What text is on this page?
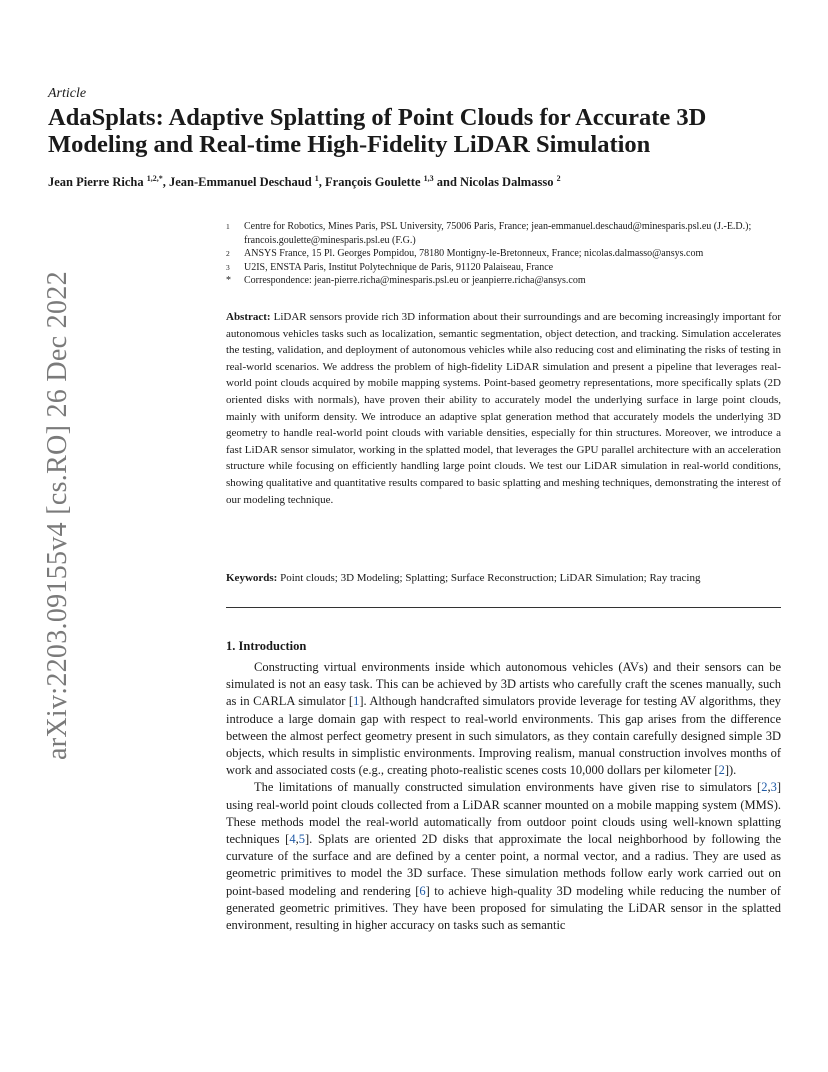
arXiv:2203.09155v4 [cs.RO] 26 Dec 2022
Article
AdaSplats: Adaptive Splatting of Point Clouds for Accurate 3D Modeling and Real-time High-Fidelity LiDAR Simulation
Jean Pierre Richa $^{1,2,*}$, Jean-Emmanuel Deschaud $^1$, François Goulette $^{1,3}$ and Nicolas Dalmasso $^2$
1	Centre for Robotics, Mines Paris, PSL University, 75006 Paris, France; jean-emmanuel.deschaud@minesparis.psl.eu (J.-E.D.); francois.goulette@minesparis.psl.eu (F.G.)
2	ANSYS France, 15 Pl. Georges Pompidou, 78180 Montigny-le-Bretonneux, France; nicolas.dalmasso@ansys.com
3	U2IS, ENSTA Paris, Institut Polytechnique de Paris, 91120 Palaiseau, France
*	Correspondence: jean-pierre.richa@minesparis.psl.eu or jeanpierre.richa@ansys.com

Abstract: LiDAR sensors provide rich 3D information about their surroundings and are becoming increasingly important for autonomous vehicles tasks such as localization, semantic segmentation, object detection, and tracking. Simulation accelerates the testing, validation, and deployment of autonomous vehicles while also reducing cost and eliminating the risks of testing in real-world scenarios. We address the problem of high-fidelity LiDAR simulation and present a pipeline that leverages real-world point clouds acquired by mobile mapping systems. Point-based geometry representations, more specifically splats (2D oriented disks with normals), have proven their ability to accurately model the underlying surface in large point clouds, mainly with uniform density. We introduce an adaptive splat generation method that accurately models the underlying 3D geometry to handle real-world point clouds with variable densities, especially for thin structures. Moreover, we introduce a fast LiDAR sensor simulator, working in the splatted model, that leverages the GPU parallel architecture with an acceleration structure while focusing on efficiently handling large point clouds. We test our LiDAR simulation in real-world conditions, showing qualitative and quantitative results compared to basic splatting and meshing techniques, demonstrating the interest of our modeling technique.

Keywords: Point clouds; 3D Modeling; Splatting; Surface Reconstruction; LiDAR Simulation; Ray tracing

1. Introduction

Constructing virtual environments inside which autonomous vehicles (AVs) and their sensors can be simulated is not an easy task. This can be achieved by 3D artists who carefully craft the scenes manually, such as in CARLA simulator [1]. Although handcrafted simulators provide leverage for testing AV algorithms, they introduce a large domain gap with respect to real-world environments. This gap arises from the difference between the almost perfect geometry present in such simulators, as they contain carefully designed simple 3D objects, which results in simplistic environments. Improving realism, manual construction involves months of work and associated costs (e.g., creating photo-realistic scenes costs 10,000 dollars per kilometer [2]).

The limitations of manually constructed simulation environments have given rise to simulators [2,3] using real-world point clouds collected from a LiDAR scanner mounted on a mobile mapping system (MMS). These methods model the real-world automatically from outdoor point clouds using well-known splatting techniques [4,5]. Splats are oriented 2D disks that approximate the local neighborhood by following the curvature of the surface and are defined by a center point, a normal vector, and a radius. They are used as geometric primitives to model the 3D surface. These simulation methods follow early work carried out on point-based modeling and rendering [6] to achieve high-quality 3D modeling while reducing the number of generated geometric primitives. They have been proposed for simulating the LiDAR sensor in the splatted environment, resulting in higher accuracy on tasks such as semantic
